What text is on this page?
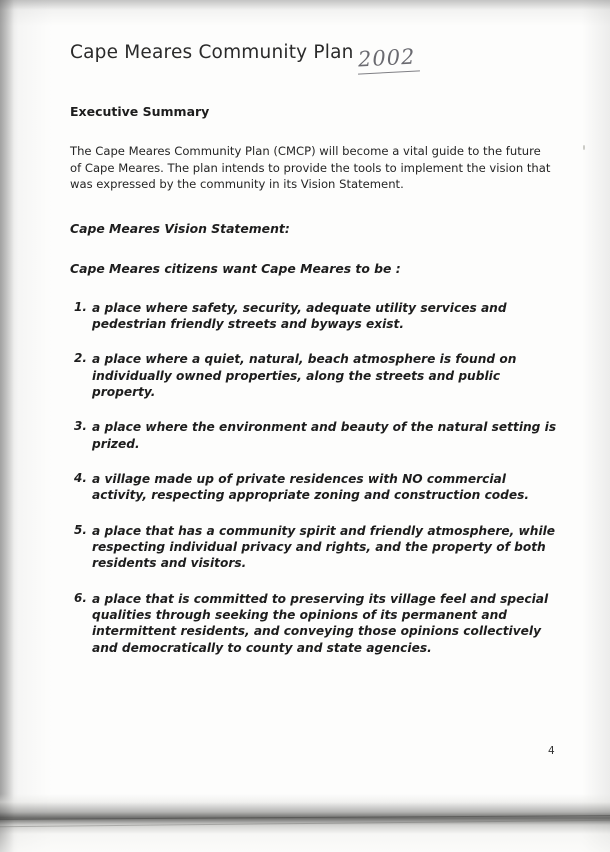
Cape Meares Community Plan 2002
Executive Summary

The Cape Meares Community Plan (CMCP) will become a vital guide to the future of Cape Meares. The plan intends to provide the tools to implement the vision that was expressed by the community in its Vision Statement.

Cape Meares Vision Statement:

Cape Meares citizens want Cape Meares to be :

1. a place where safety, security, adequate utility services and pedestrian friendly streets and byways exist.
2. a place where a quiet, natural, beach atmosphere is found on individually owned properties, along the streets and public property.
3. a place where the environment and beauty of the natural setting is prized.
4. a village made up of private residences with NO commercial activity, respecting appropriate zoning and construction codes.
5. a place that has a community spirit and friendly atmosphere, while respecting individual privacy and rights, and the property of both residents and visitors.
6. a place that is committed to preserving its village feel and special qualities through seeking the opinions of its permanent and intermittent residents, and conveying those opinions collectively and democratically to county and state agencies.
4
